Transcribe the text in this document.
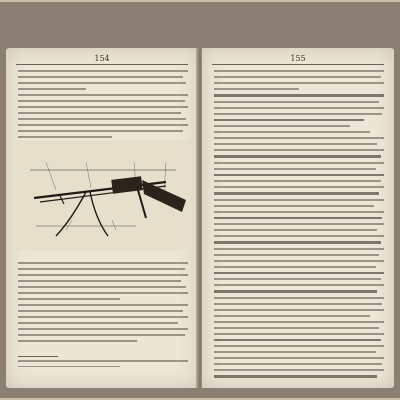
154	155
